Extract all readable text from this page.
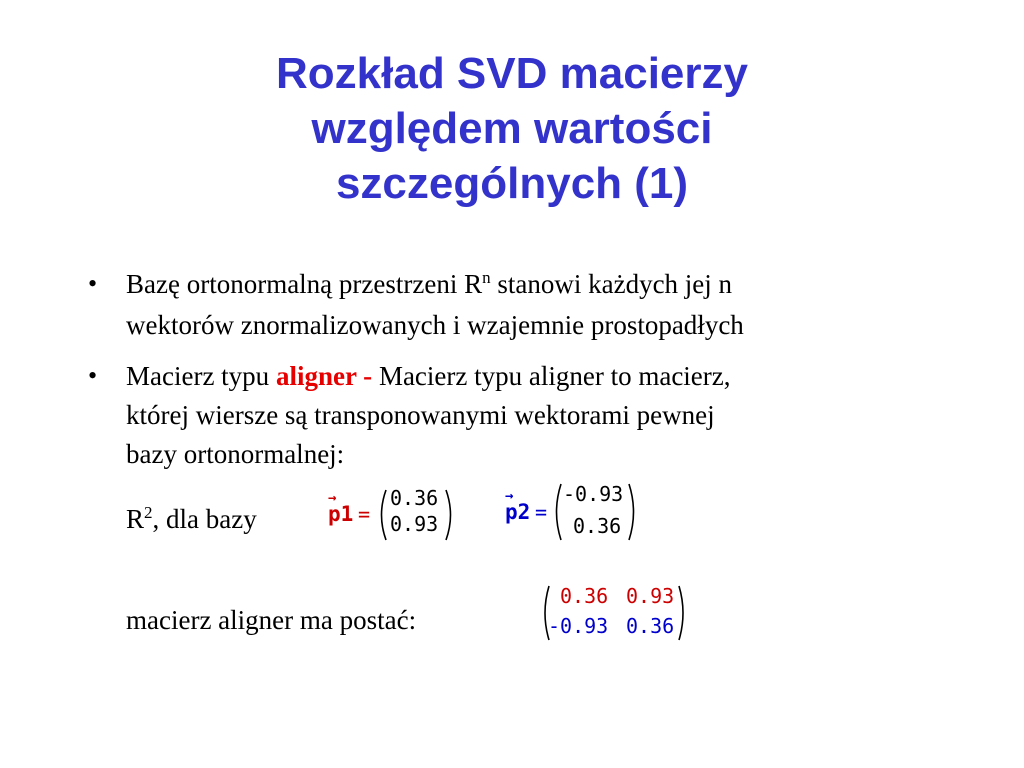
Rozkład SVD macierzy
względem wartości
szczególnych (1)
• Bazę ortonormalną przestrzeni $R^n$ stanowi każdych jej n
wektorów znormalizowanych i wzajemnie prostopadłych
• Macierz typu aligner - Macierz typu aligner to macierz,
której wiersze są transponowanymi wektorami pewnej
bazy ortonormalnej:
$R^2$, dla bazy
→
p1 =
0.36
0.93
→
p2 =
-0.93
0.36
macierz aligner ma postać:
0.36 0.93
-0.93 0.36
